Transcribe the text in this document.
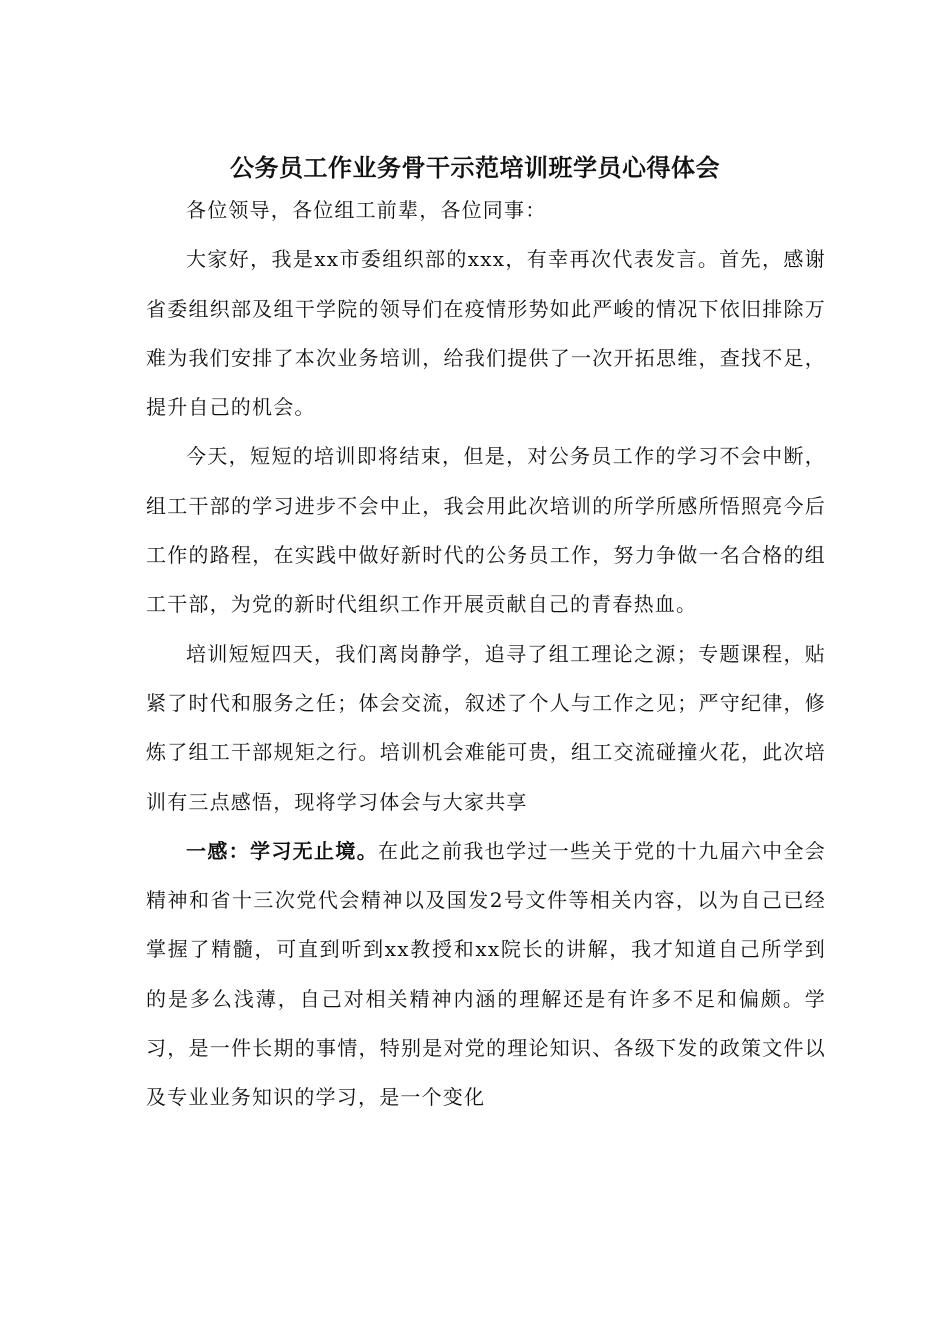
公务员工作业务骨干示范培训班学员心得体会

各位领导，各位组工前辈，各位同事：

大家好，我是xx市委组织部的xxx，有幸再次代表发言。首先，感谢省委组织部及组干学院的领导们在疫情形势如此严峻的情况下依旧排除万难为我们安排了本次业务培训，给我们提供了一次开拓思维，查找不足，提升自己的机会。

今天，短短的培训即将结束，但是，对公务员工作的学习不会中断，组工干部的学习进步不会中止，我会用此次培训的所学所感所悟照亮今后工作的路程，在实践中做好新时代的公务员工作，努力争做一名合格的组工干部，为党的新时代组织工作开展贡献自己的青春热血。

培训短短四天，我们离岗静学，追寻了组工理论之源；专题课程，贴紧了时代和服务之任；体会交流，叙述了个人与工作之见；严守纪律，修炼了组工干部规矩之行。培训机会难能可贵，组工交流碰撞火花，此次培训有三点感悟，现将学习体会与大家共享

一感：学习无止境。在此之前我也学过一些关于党的十九届六中全会精神和省十三次党代会精神以及国发2号文件等相关内容，以为自己已经掌握了精髓，可直到听到xx教授和xx院长的讲解，我才知道自己所学到的是多么浅薄，自己对相关精神内涵的理解还是有许多不足和偏颇。学习，是一件长期的事情，特别是对党的理论知识、各级下发的政策文件以及专业业务知识的学习，是一个变化
